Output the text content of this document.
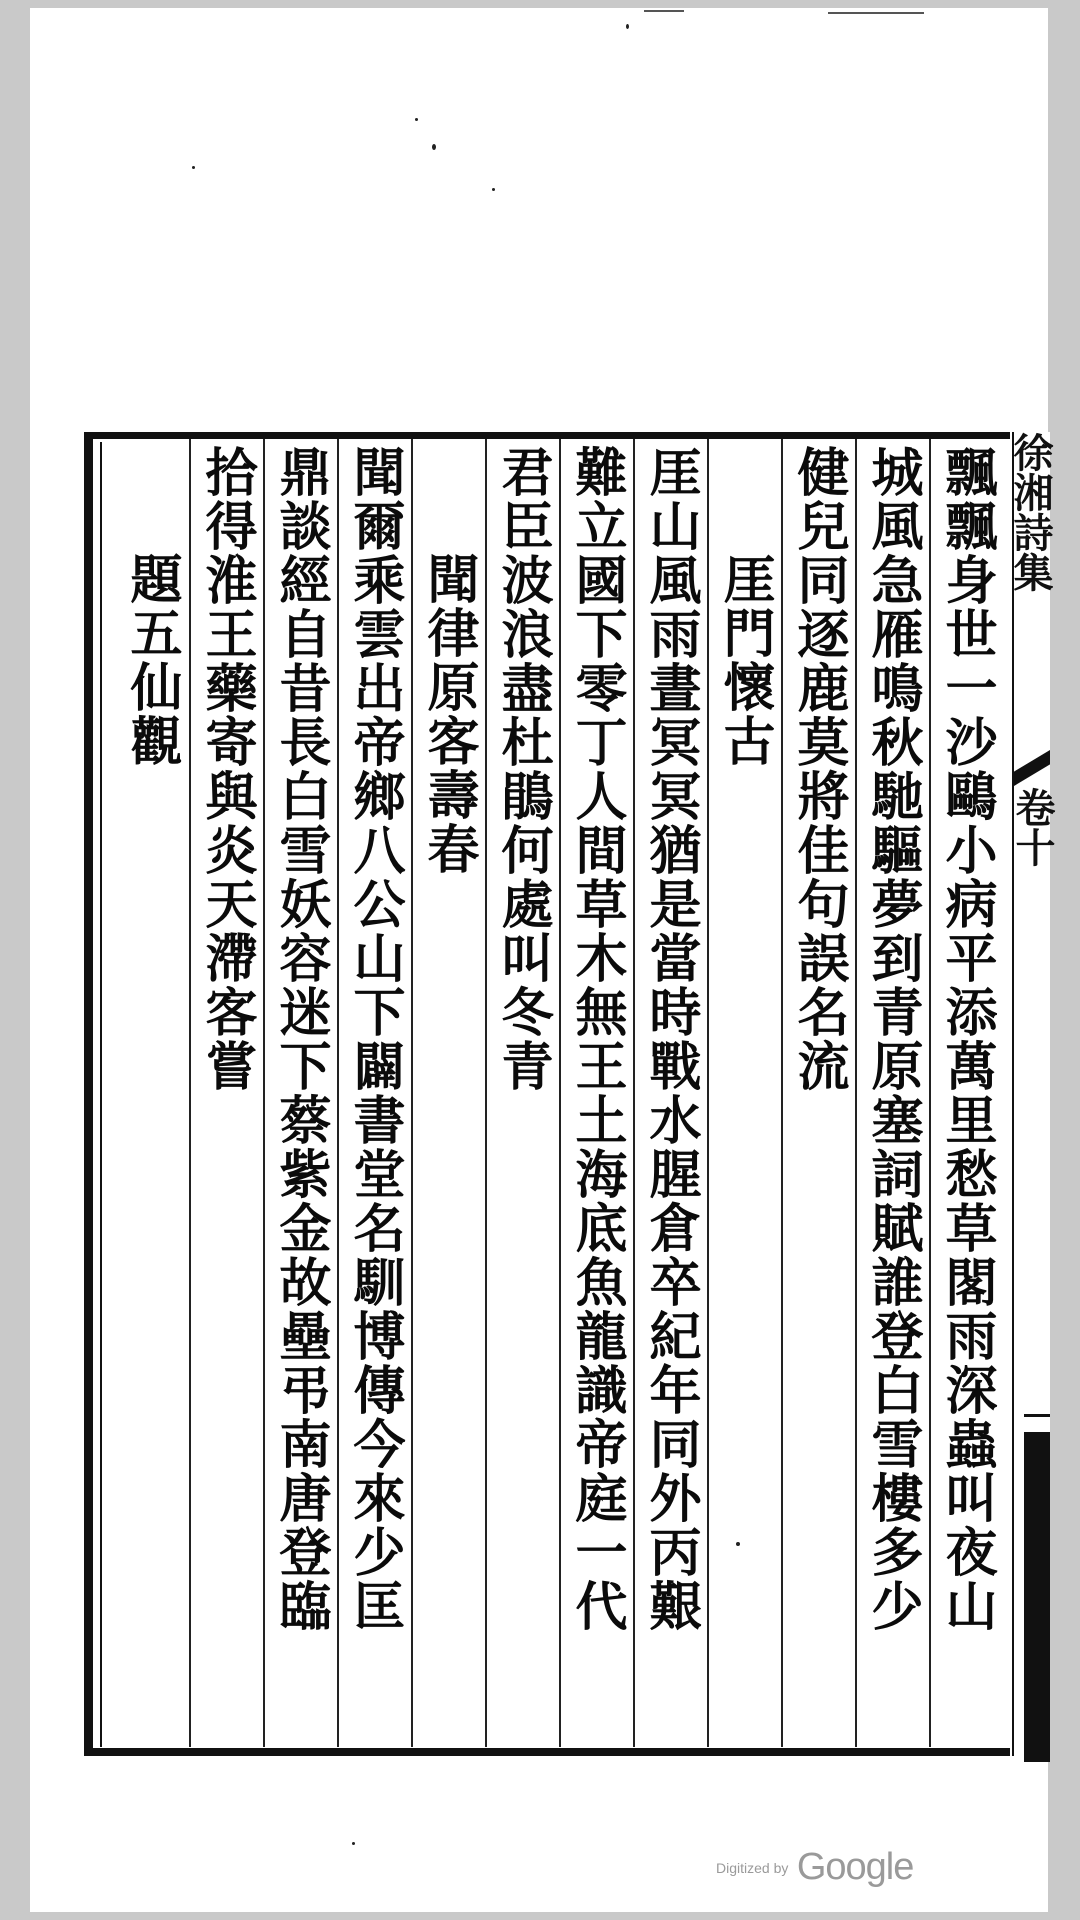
飄飄身世一沙鷗小病平添萬里愁草閣雨深蟲叫夜山
城風急雁鳴秋馳驅夢到青原塞詞賦誰登白雪樓多少
健兒同逐鹿莫將佳句誤名流
厓門懷古
厓山風雨晝冥冥猶是當時戰水腥倉卒紀年同外丙艱
難立國下零丁人間草木無王土海底魚龍識帝庭一代
君臣波浪盡杜鵑何處叫冬青
聞律原客壽春
聞爾乘雲出帝鄉八公山下闢書堂名馴博傳今來少匡
鼎談經自昔長白雪妖容迷下蔡紫金故壘弔南唐登臨
拾得淮王藥寄與炎天滯客嘗
題五仙觀
徐湘詩集
卷十
Digitized by Google
